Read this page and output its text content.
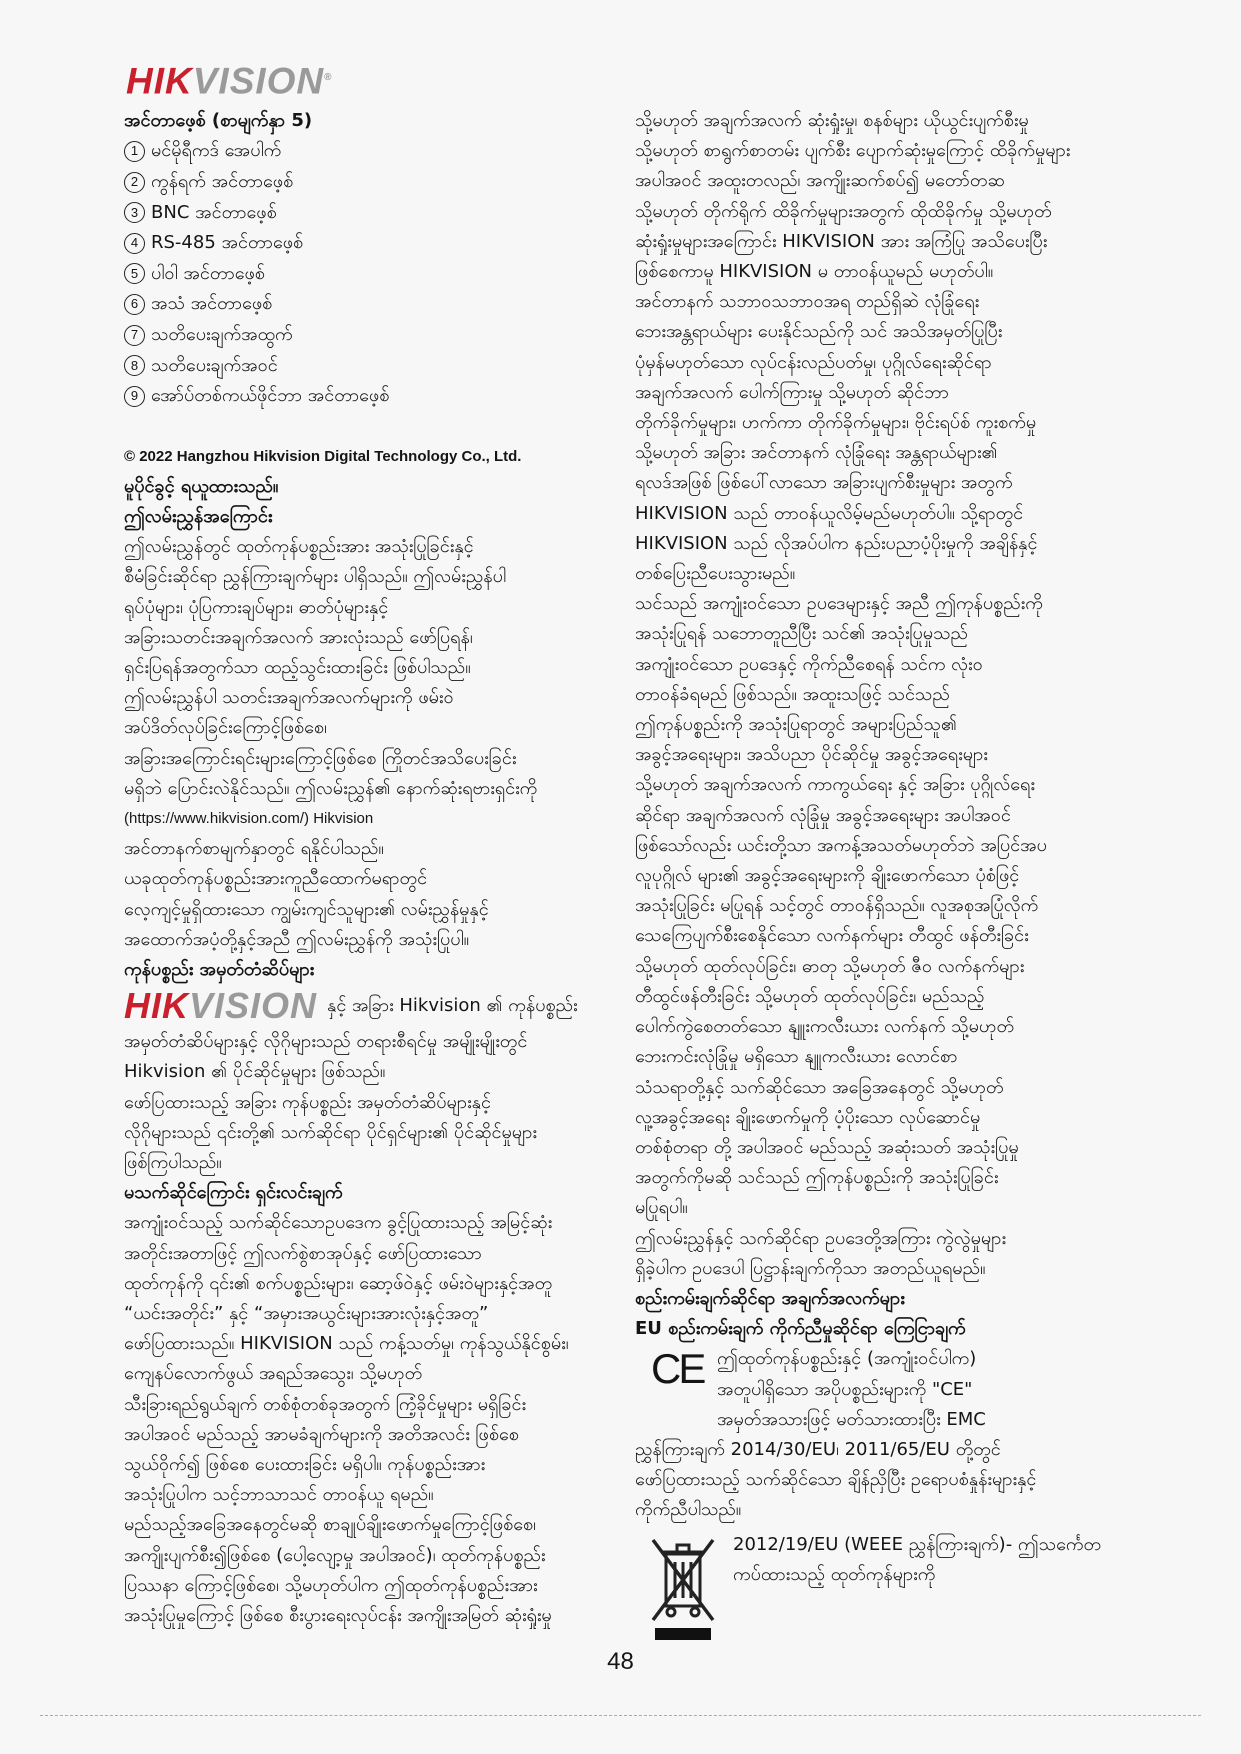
HIKVISION®

အင်တာဖေ့စ် (စာမျက်နှာ 5)

1 မင်မိုရီကဒ် အေပါက်
2 ကွန်ရက် အင်တာဖေ့စ်
3 BNC အင်တာဖေ့စ်
4 RS-485 အင်တာဖေ့စ်
5 ပါဝါ အင်တာဖေ့စ်
6 အသံ အင်တာဖေ့စ်
7 သတိပေးချက်အထွက်
8 သတိပေးချက်အဝင်
9 အော်ပ်တစ်ကယ်ဖိုင်ဘာ အင်တာဖေ့စ်

© 2022 Hangzhou Hikvision Digital Technology Co., Ltd.

မူပိုင်ခွင့် ရယူထားသည်။

ဤလမ်းညွှန်အကြောင်း

ဤလမ်းညွှန်တွင် ထုတ်ကုန်ပစ္စည်းအား အသုံးပြုခြင်းနှင့်

စီမံခြင်းဆိုင်ရာ ညွှန်ကြားချက်များ ပါရှိသည်။ ဤလမ်းညွှန်ပါ

ရုပ်ပုံများ၊ ပုံပြကားချပ်များ၊ ဓာတ်ပုံများနှင့်

အခြားသတင်းအချက်အလက် အားလုံးသည် ဖော်ပြရန်၊

ရှင်းပြရန်အတွက်သာ ထည့်သွင်းထားခြင်း ဖြစ်ပါသည်။

ဤလမ်းညွှန်ပါ သတင်းအချက်အလက်များကို ဖမ်းဝဲ

အပ်ဒိတ်လုပ်ခြင်းကြောင့်ဖြစ်စေ၊

အခြားအကြောင်းရင်းများကြောင့်ဖြစ်စေ ကြိုတင်အသိပေးခြင်း

မရှိဘဲ ပြောင်းလဲနိုင်သည်။ ဤလမ်းညွှန်၏ နောက်ဆုံးရဗားရှင်းကို

(https://www.hikvision.com/) Hikvision

အင်တာနက်စာမျက်နှာတွင် ရနိုင်ပါသည်။

ယခုထုတ်ကုန်ပစ္စည်းအားကူညီထောက်မရာတွင်

လေ့ကျင့်မှုရှိထားသော ကျွမ်းကျင်သူများ၏ လမ်းညွှန်မှုနှင့်

အထောက်အပံ့တို့နှင့်အညီ ဤလမ်းညွှန်ကို အသုံးပြုပါ။

ကုန်ပစ္စည်း အမှတ်တံဆိပ်များ

HIKVISION နှင့် အခြား Hikvision ၏ ကုန်ပစ္စည်း

အမှတ်တံဆိပ်များနှင့် လိုဂိုများသည် တရားစီရင်မှု အမျိုးမျိုးတွင်

Hikvision ၏ ပိုင်ဆိုင်မှုများ ဖြစ်သည်။

ဖော်ပြထားသည့် အခြား ကုန်ပစ္စည်း အမှတ်တံဆိပ်များနှင့်

လိုဂိုများသည် ၎င်းတို့၏ သက်ဆိုင်ရာ ပိုင်ရှင်များ၏ ပိုင်ဆိုင်မှုများ

ဖြစ်ကြပါသည်။

မသက်ဆိုင်ကြောင်း ရှင်းလင်းချက်

အကျုံးဝင်သည့် သက်ဆိုင်သောဥပဒေက ခွင့်ပြုထားသည့် အမြင့်ဆုံး

အတိုင်းအတာဖြင့် ဤလက်စွဲစာအုပ်နှင့် ဖော်ပြထားသော

ထုတ်ကုန်ကို ၎င်း၏ စက်ပစ္စည်းများ၊ ဆော့ဖ်ဝဲနှင့် ဖမ်းဝဲများနှင့်အတူ

“ယင်းအတိုင်း” နှင့် “အမှားအယွင်းများအားလုံးနှင့်အတူ”

ဖော်ပြထားသည်။ HIKVISION သည် ကန့်သတ်မှု၊ ကုန်သွယ်နိုင်စွမ်း၊

ကျေနပ်လောက်ဖွယ် အရည်အသွေး၊ သို့မဟုတ်

သီးခြားရည်ရွယ်ချက် တစ်စုံတစ်ခုအတွက် ကြံ့ခိုင်မှုများ မရှိခြင်း

အပါအဝင် မည်သည့် အာမခံချက်များကို အတိအလင်း ဖြစ်စေ

သွယ်ဝိုက်၍ ဖြစ်စေ ပေးထားခြင်း မရှိပါ။ ကုန်ပစ္စည်းအား

အသုံးပြုပါက သင့်ဘာသာသင် တာဝန်ယူ ရမည်။

မည်သည့်အခြေအနေတွင်မဆို စာချုပ်ချိုးဖောက်မှုကြောင့်ဖြစ်စေ၊

အကျိုးပျက်စီး၍ဖြစ်စေ (ပေါ့လျော့မှု အပါအဝင်)၊ ထုတ်ကုန်ပစ္စည်း

ပြဿနာ ကြောင့်ဖြစ်စေ၊ သို့မဟုတ်ပါက ဤထုတ်ကုန်ပစ္စည်းအား

အသုံးပြုမှုကြောင့် ဖြစ်စေ စီးပွားရေးလုပ်ငန်း အကျိုးအမြတ် ဆုံးရှုံးမှု

သို့မဟုတ် အချက်အလက် ဆုံးရှုံးမှု၊ စနစ်များ ယိုယွင်းပျက်စီးမှု

သို့မဟုတ် စာရွက်စာတမ်း ပျက်စီး ပျောက်ဆုံးမှုကြောင့် ထိခိုက်မှုများ

အပါအဝင် အထူးတလည်၊ အကျိုးဆက်စပ်၍ မတော်တဆ

သို့မဟုတ် တိုက်ရိုက် ထိခိုက်မှုများအတွက် ထိုထိခိုက်မှု သို့မဟုတ်

ဆုံးရှုံးမှုများအကြောင်း HIKVISION အား အကြံပြု အသိပေးပြီး

ဖြစ်စေကာမူ HIKVISION မ တာဝန်ယူမည် မဟုတ်ပါ။

အင်တာနက် သဘာဝသဘာဝအရ တည်ရှိဆဲ လုံခြုံရေး

ဘေးအန္တရာယ်များ ပေးနိုင်သည်ကို သင် အသိအမှတ်ပြုပြီး

ပုံမှန်မဟုတ်သော လုပ်ငန်းလည်ပတ်မှု၊ ပုဂ္ဂိုလ်ရေးဆိုင်ရာ

အချက်အလက် ပေါက်ကြားမှု သို့မဟုတ် ဆိုင်ဘာ

တိုက်ခိုက်မှုများ၊ ဟက်ကာ တိုက်ခိုက်မှုများ၊ ဗိုင်းရပ်စ် ကူးစက်မှု

သို့မဟုတ် အခြား အင်တာနက် လုံခြုံရေး အန္တရာယ်များ၏

ရလဒ်အဖြစ် ဖြစ်ပေါ်လာသော အခြားပျက်စီးမှုများ အတွက်

HIKVISION သည် တာဝန်ယူလိမ့်မည်မဟုတ်ပါ။ သို့ရာတွင်

HIKVISION သည် လိုအပ်ပါက နည်းပညာပံ့ပိုးမှုကို အချိန်နှင့်

တစ်ပြေးညီပေးသွားမည်။

သင်သည် အကျုံးဝင်သော ဥပဒေများနှင့် အညီ ဤကုန်ပစ္စည်းကို

အသုံးပြုရန် သဘောတူညီပြီး သင်၏ အသုံးပြုမှုသည်

အကျုံးဝင်သော ဥပဒေနှင့် ကိုက်ညီစေရန် သင်က လုံးဝ

တာဝန်ခံရမည် ဖြစ်သည်။ အထူးသဖြင့် သင်သည်

ဤကုန်ပစ္စည်းကို အသုံးပြုရာတွင် အများပြည်သူ၏

အခွင့်အရေးများ၊ အသိပညာ ပိုင်ဆိုင်မှု အခွင့်အရေးများ

သို့မဟုတ် အချက်အလက် ကာကွယ်ရေး နှင့် အခြား ပုဂ္ဂိုလ်ရေး

ဆိုင်ရာ အချက်အလက် လုံခြုံမှု အခွင့်အရေးများ အပါအဝင်

ဖြစ်သော်လည်း ယင်းတို့သာ အကန့်အသတ်မဟုတ်ဘဲ အပြင်အပ

လူပုဂ္ဂိုလ် များ၏ အခွင့်အရေးများကို ချိုးဖောက်သော ပုံစံဖြင့်

အသုံးပြုခြင်း မပြုရန် သင့်တွင် တာဝန်ရှိသည်။ လူအစုအပြုံလိုက်

သေကြေပျက်စီးစေနိုင်သော လက်နက်များ တီထွင် ဖန်တီးခြင်း

သို့မဟုတ် ထုတ်လုပ်ခြင်း၊ ဓာတု သို့မဟုတ် ဇီဝ လက်နက်များ

တီထွင်ဖန်တီးခြင်း သို့မဟုတ် ထုတ်လုပ်ခြင်း၊ မည်သည့်

ပေါက်ကွဲစေတတ်သော နျူးကလီးယား လက်နက် သို့မဟုတ်

ဘေးကင်းလုံခြုံမှု မရှိသော နျူကလီးယား လောင်စာ

သံသရာတို့နှင့် သက်ဆိုင်သော အခြေအနေတွင် သို့မဟုတ်

လူ့အခွင့်အရေး ချိုးဖောက်မှုကို ပံ့ပိုးသော လုပ်ဆောင်မှု

တစ်စုံတရာ တို့ အပါအဝင် မည်သည့် အဆုံးသတ် အသုံးပြုမှု

အတွက်ကိုမဆို သင်သည် ဤကုန်ပစ္စည်းကို အသုံးပြုခြင်း

မပြုရပါ။

ဤလမ်းညွှန်နှင့် သက်ဆိုင်ရာ ဥပဒေတို့အကြား ကွဲလွဲမှုများ

ရှိခဲ့ပါက ဥပဒေပါ ပြဋ္ဌာန်းချက်ကိုသာ အတည်ယူရမည်။

စည်းကမ်းချက်ဆိုင်ရာ အချက်အလက်များ

EU စည်းကမ်းချက် ကိုက်ညီမှုဆိုင်ရာ ကြေငြာချက်

CE ဤထုတ်ကုန်ပစ္စည်းနှင့် (အကျုံးဝင်ပါက)

အတူပါရှိသော အပိုပစ္စည်းများကို "CE"

အမှတ်အသားဖြင့် မတ်သားထားပြီး EMC

ညွှန်ကြားချက် 2014/30/EU၊ 2011/65/EU တို့တွင်

ဖော်ပြထားသည့် သက်ဆိုင်သော ချိန်ညှိပြီး ဥရောပစံနှုန်းများနှင့်

ကိုက်ညီပါသည်။

2012/19/EU (WEEE ညွှန်ကြားချက်)- ဤသင်္ကေတ

ကပ်ထားသည့် ထုတ်ကုန်များကို

48
